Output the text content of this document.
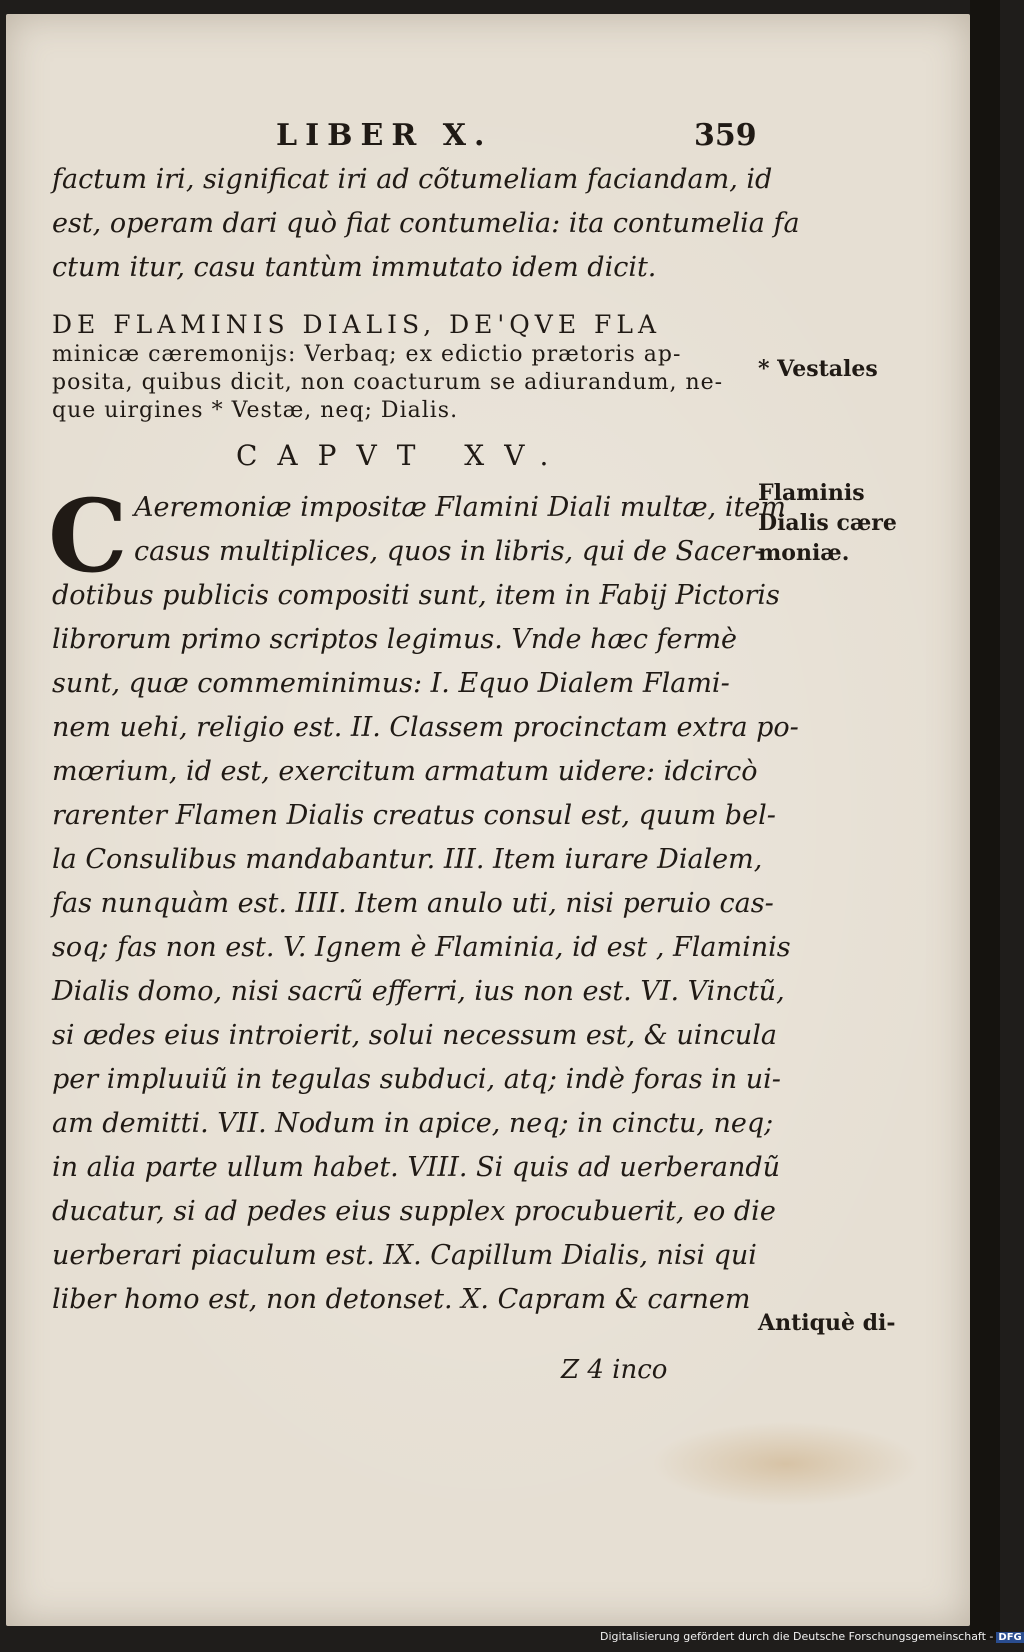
LIBER X.	359
factum iri, significat iri ad cõtumeliam faciandam, id
est, operam dari quò fiat contumelia: ita contumelia fa
ctum itur, casu tantùm immutato idem dicit.
DE FLAMINIS DIALIS, DE'QVE FLA
minicæ cæremonijs: Verbaq; ex edictio prætoris ap-
posita, quibus dicit, non coacturum se adiurandum, ne-
que uirgines * Vestæ, neq; Dialis.
CAPVT XV.
C Aeremoniæ impositæ Flamini Diali multæ, item
casus multiplices, quos in libris, qui de Sacer-
dotibus publicis compositi sunt, item in Fabij Pictoris
librorum primo scriptos legimus. Vnde hæc fermè
sunt, quæ commeminimus: I. Equo Dialem Flami-
nem uehi, religio est. II. Classem procinctam extra po-
mœrium, id est, exercitum armatum uidere: idcircò
rarenter Flamen Dialis creatus consul est, quum bel-
la Consulibus mandabantur. III. Item iurare Dialem,
fas nunquàm est. IIII. Item anulo uti, nisi peruio cas-
soq; fas non est. V. Ignem è Flaminia, id est , Flaminis
Dialis domo, nisi sacrũ efferri, ius non est. VI. Vinctũ,
si ædes eius introierit, solui necessum est, & uincula
per impluuiũ in tegulas subduci, atq; indè foras in ui-
am demitti. VII. Nodum in apice, neq; in cinctu, neq;
in alia parte ullum habet. VIII. Si quis ad uerberandũ
ducatur, si ad pedes eius supplex procubuerit, eo die
uerberari piaculum est. IX. Capillum Dialis, nisi qui
liber homo est, non detonset. X. Capram & carnem
Z 4 inco
* Vestales
Flaminis
Dialis cære
moniæ.
Antiquè di-
Digitalisierung gefördert durch die Deutsche Forschungsgemeinschaft - DFG
